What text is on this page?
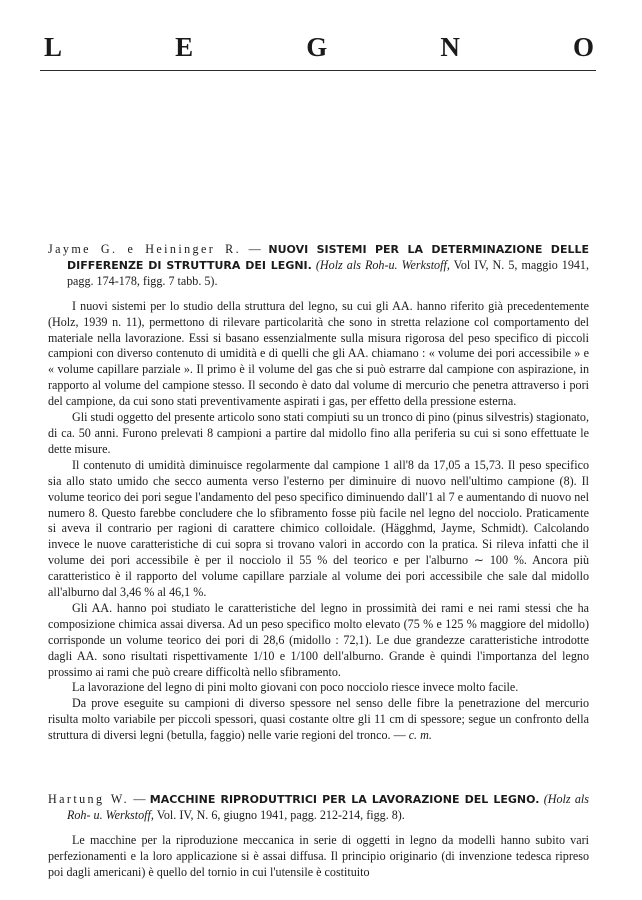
L	E	G	N	O

Jayme G. e Heininger R. — NUOVI SISTEMI PER LA DETERMINAZIONE DELLE DIFFERENZE DI STRUTTURA DEI LEGNI. (Holz als Roh-u. Werkstoff, Vol IV, N. 5, maggio 1941, pagg. 174-178, figg. 7 tabb. 5).

I nuovi sistemi per lo studio della struttura del legno, su cui gli AA. hanno riferito già precedentemente (Holz, 1939 n. 11), permettono di rilevare particolarità che sono in stretta relazione col comportamento del materiale nella lavorazione. Essi si basano essenzialmente sulla misura rigorosa del peso specifico di piccoli campioni con diverso contenuto di umidità e di quelli che gli AA. chiamano : « volume dei pori accessibile » e « volume capillare parziale ». Il primo è il volume del gas che si può estrarre dal campione con aspirazione, in rapporto al volume del campione stesso. Il secondo è dato dal volume di mercurio che penetra attraverso i pori del campione, da cui sono stati preventivamente aspirati i gas, per effetto della pressione esterna.

Gli studi oggetto del presente articolo sono stati compiuti su un tronco di pino (pinus silvestris) stagionato, di ca. 50 anni. Furono prelevati 8 campioni a partire dal midollo fino alla periferia su cui si sono effettuate le dette misure.

Il contenuto di umidità diminuisce regolarmente dal campione 1 all'8 da 17,05 a 15,73. Il peso specifico sia allo stato umido che secco aumenta verso l'esterno per diminuire di nuovo nell'ultimo campione (8). Il volume teorico dei pori segue l'andamento del peso specifico diminuendo dall'1 al 7 e aumentando di nuovo nel numero 8. Questo farebbe concludere che lo sfibramento fosse più facile nel legno del nocciolo. Praticamente si aveva il contrario per ragioni di carattere chimico colloidale. (Hägghmd, Jayme, Schmidt). Calcolando invece le nuove caratteristiche di cui sopra si trovano valori in accordo con la pratica. Si rileva infatti che il volume dei pori accessibile è per il nocciolo il 55 % del teorico e per l'alburno ∼ 100 %. Ancora più caratteristico è il rapporto del volume capillare parziale al volume dei pori accessibile che sale dal midollo all'alburno dal 3,46 % al 46,1 %.

Gli AA. hanno poi studiato le caratteristiche del legno in prossimità dei rami e nei rami stessi che ha composizione chimica assai diversa. Ad un peso specifico molto elevato (75 % e 125 % maggiore del midollo) corrisponde un volume teorico dei pori di 28,6 (midollo : 72,1). Le due grandezze caratteristiche introdotte dagli AA. sono risultati rispettivamente 1/10 e 1/100 dell'alburno. Grande è quindi l'importanza del legno prossimo ai rami che può creare difficoltà nello sfibramento.

La lavorazione del legno di pini molto giovani con poco nocciolo riesce invece molto facile.

Da prove eseguite su campioni di diverso spessore nel senso delle fibre la penetrazione del mercurio risulta molto variabile per piccoli spessori, quasi costante oltre gli 11 cm di spessore; segue un confronto della struttura di diversi legni (betulla, faggio) nelle varie regioni del tronco. — c. m.

Hartung W. — MACCHINE RIPRODUTTRICI PER LA LAVORAZIONE DEL LEGNO. (Holz als Roh- u. Werkstoff, Vol. IV, N. 6, giugno 1941, pagg. 212-214, figg. 8).

Le macchine per la riproduzione meccanica in serie di oggetti in legno da modelli hanno subito vari perfezionamenti e la loro applicazione si è assai diffusa. Il principio originario (di invenzione tedesca ripreso poi dagli americani) è quello del tornio in cui l'utensile è costituito
